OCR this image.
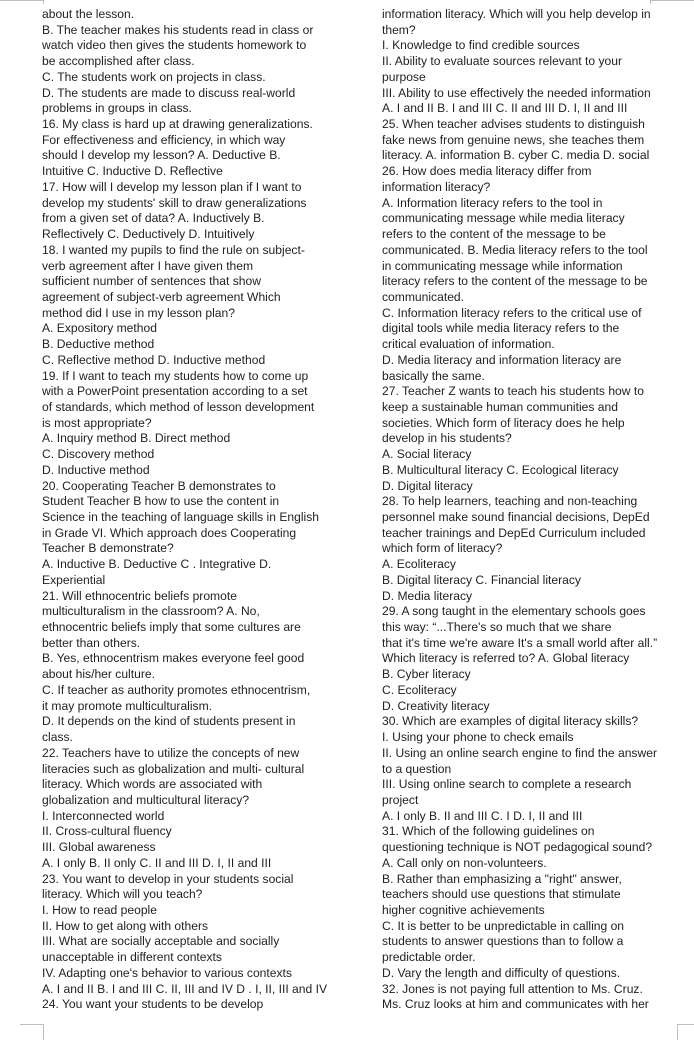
about the lesson.
B. The teacher makes his students read in class or
watch video then gives the students homework to
be accomplished after class.
C. The students work on projects in class.
D. The students are made to discuss real-world
problems in groups in class.
16. My class is hard up at drawing generalizations.
For effectiveness and efficiency, in which way
should I develop my lesson? A. Deductive B.
Intuitive C. Inductive D. Reflective
17. How will I develop my lesson plan if I want to
develop my students' skill to draw generalizations
from a given set of data? A. Inductively B.
Reflectively C. Deductively D. Intuitively
18. I wanted my pupils to find the rule on subject-
verb agreement after I have given them
sufficient number of sentences that show
agreement of subject-verb agreement Which
method did I use in my lesson plan?
A. Expository method
B. Deductive method
C. Reflective method D. Inductive method
19. If I want to teach my students how to come up
with a PowerPoint presentation according to a set
of standards, which method of lesson development
is most appropriate?
A. Inquiry method B. Direct method
C. Discovery method
D. Inductive method
20. Cooperating Teacher B demonstrates to
Student Teacher B how to use the content in
Science in the teaching of language skills in English
in Grade VI. Which approach does Cooperating
Teacher B demonstrate?
A. Inductive B. Deductive C . Integrative D.
Experiential
21. Will ethnocentric beliefs promote
multiculturalism in the classroom? A. No,
ethnocentric beliefs imply that some cultures are
better than others.
B. Yes, ethnocentrism makes everyone feel good
about his/her culture.
C. If teacher as authority promotes ethnocentrism,
it may promote multiculturalism.
D. It depends on the kind of students present in
class.
22. Teachers have to utilize the concepts of new
literacies such as globalization and multi- cultural
literacy. Which words are associated with
globalization and multicultural literacy?
I. Interconnected world
II. Cross-cultural fluency
III. Global awareness
A. I only B. II only C. II and III D. I, II and III
23. You want to develop in your students social
literacy. Which will you teach?
I. How to read people
II. How to get along with others
III. What are socially acceptable and socially
unacceptable in different contexts
IV. Adapting one's behavior to various contexts
A. I and II B. I and III C. II, III and IV D . I, II, III and IV
24. You want your students to be develop
information literacy. Which will you help develop in
them?
I. Knowledge to find credible sources
II. Ability to evaluate sources relevant to your
purpose
III. Ability to use effectively the needed information
A. I and II B. I and III C. II and III D. I, II and III
25. When teacher advises students to distinguish
fake news from genuine news, she teaches them
literacy. A. information B. cyber C. media D. social
26. How does media literacy differ from
information literacy?
A. Information literacy refers to the tool in
communicating message while media literacy
refers to the content of the message to be
communicated. B. Media literacy refers to the tool
in communicating message while information
literacy refers to the content of the message to be
communicated.
C. Information literacy refers to the critical use of
digital tools while media literacy refers to the
critical evaluation of information.
D. Media literacy and information literacy are
basically the same.
27. Teacher Z wants to teach his students how to
keep a sustainable human communities and
societies. Which form of literacy does he help
develop in his students?
A. Social literacy
B. Multicultural literacy C. Ecological literacy
D. Digital literacy
28. To help learners, teaching and non-teaching
personnel make sound financial decisions, DepEd
teacher trainings and DepEd Curriculum included
which form of literacy?
A. Ecoliteracy
B. Digital literacy C. Financial literacy
D. Media literacy
29. A song taught in the elementary schools goes
this way: “...There's so much that we share
that it's time we're aware It's a small world after all.”
Which literacy is referred to? A. Global literacy
B. Cyber literacy
C. Ecoliteracy
D. Creativity literacy
30. Which are examples of digital literacy skills?
I. Using your phone to check emails
II. Using an online search engine to find the answer
to a question
III. Using online search to complete a research
project
A. I only B. II and III C. I D. I, II and III
31. Which of the following guidelines on
questioning technique is NOT pedagogical sound?
A. Call only on non-volunteers.
B. Rather than emphasizing a "right" answer,
teachers should use questions that stimulate
higher cognitive achievements
C. It is better to be unpredictable in calling on
students to answer questions than to follow a
predictable order.
D. Vary the length and difficulty of questions.
32. Jones is not paying full attention to Ms. Cruz.
Ms. Cruz looks at him and communicates with her
